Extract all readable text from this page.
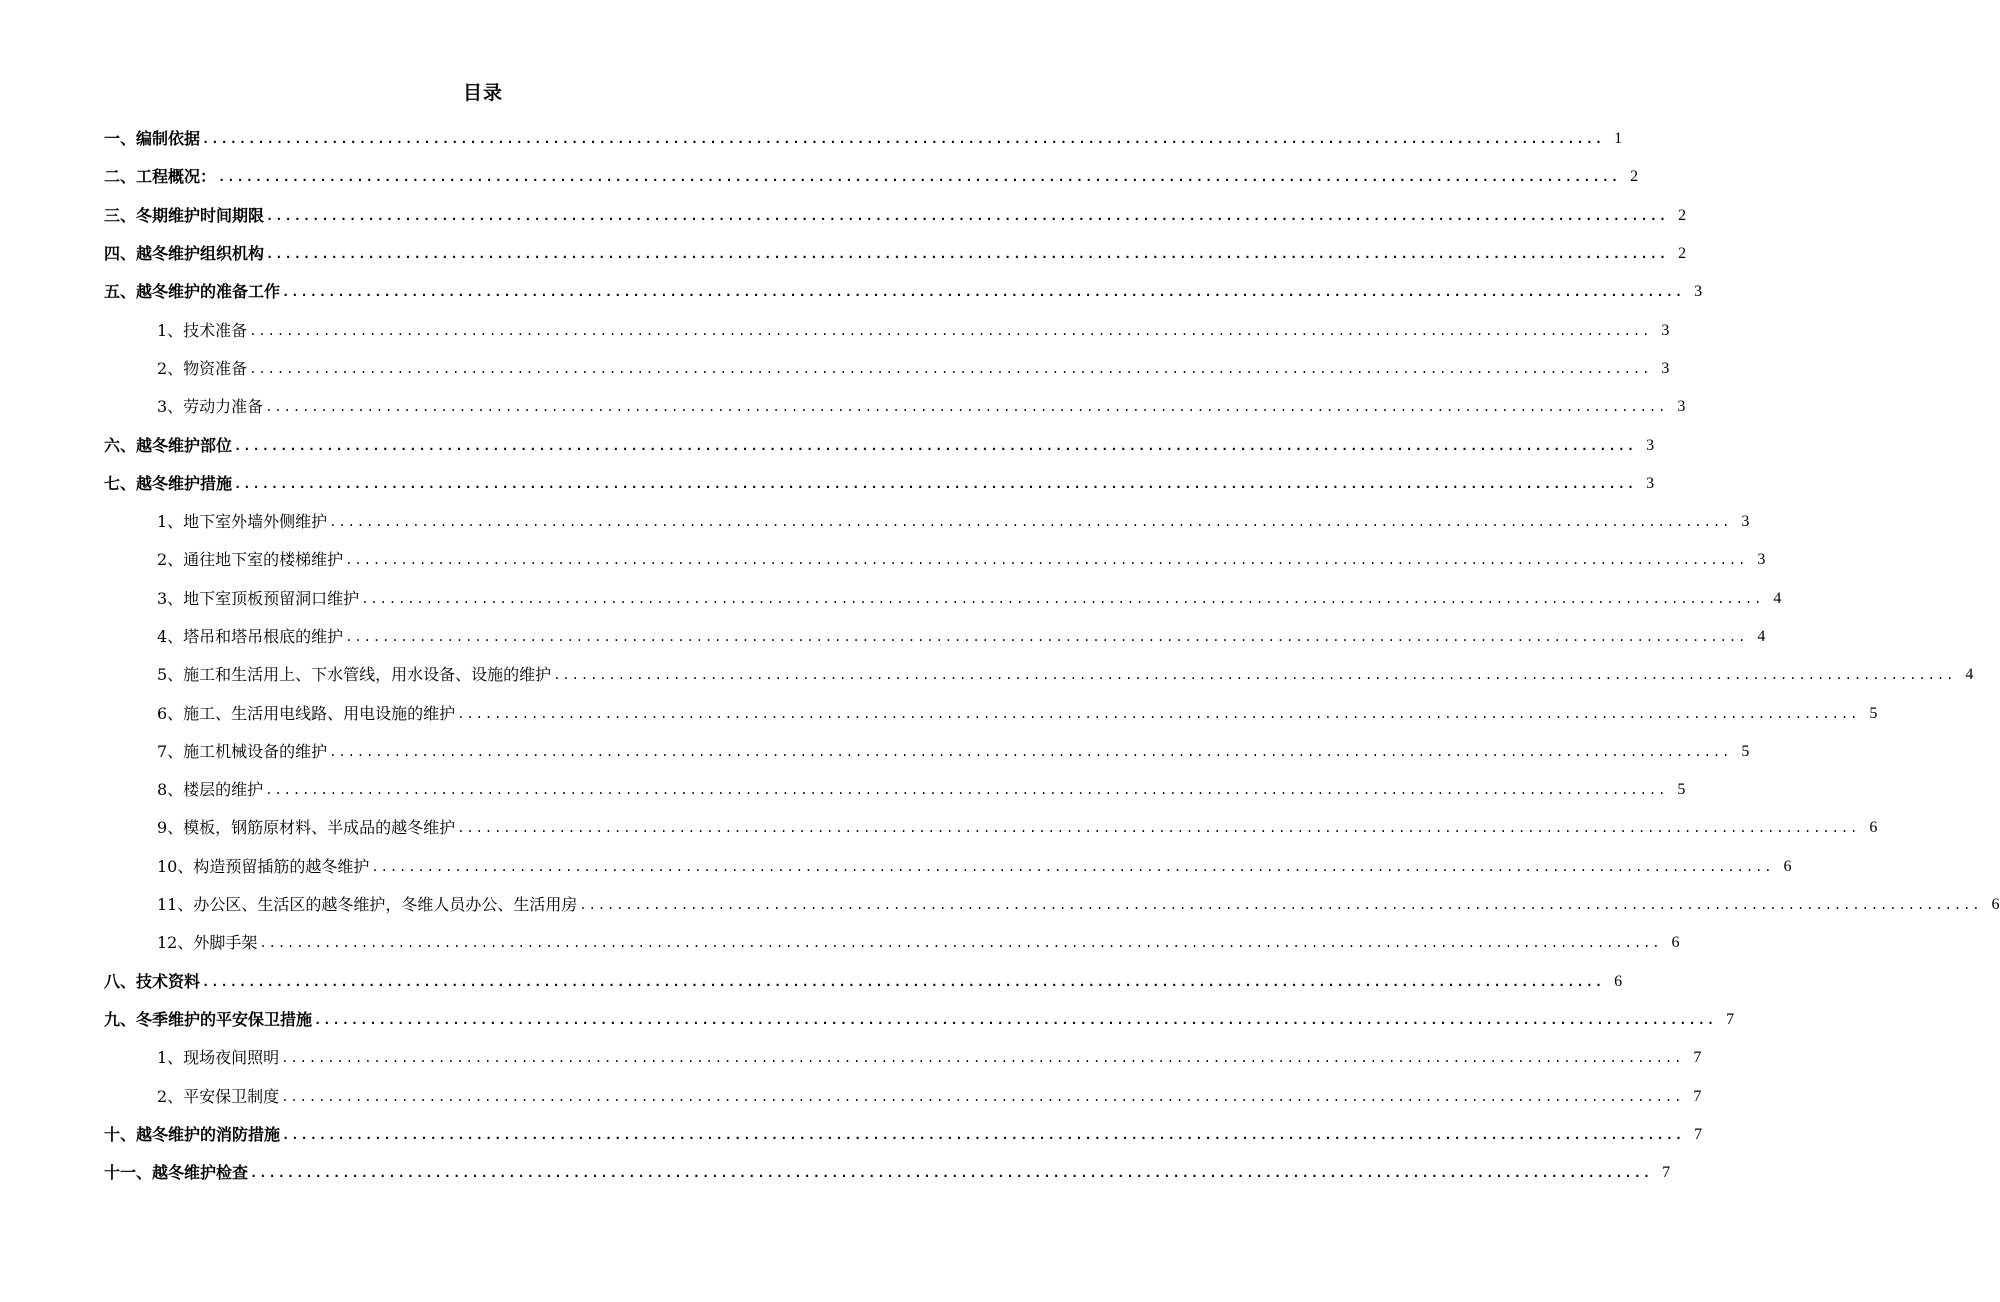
目录
一、编制依据 ........................................................................................................................................................ 1
二、工程概况： ........................................................................................................................................................ 2
三、冬期维护时间期限 ........................................................................................................................................................ 2
四、越冬维护组织机构 ........................................................................................................................................................ 2
五、越冬维护的准备工作 ........................................................................................................................................................ 3
1、技术准备 ........................................................................................................................................................ 3
2、物资准备 ........................................................................................................................................................ 3
3、劳动力准备 ........................................................................................................................................................ 3
六、越冬维护部位 ........................................................................................................................................................ 3
七、越冬维护措施 ........................................................................................................................................................ 3
1、地下室外墙外侧维护 ........................................................................................................................................................ 3
2、通往地下室的楼梯维护 ........................................................................................................................................................ 3
3、地下室顶板预留洞口维护 ........................................................................................................................................................ 4
4、塔吊和塔吊根底的维护 ........................................................................................................................................................ 4
5、施工和生活用上、下水管线，用水设备、设施的维护 ........................................................................................................................................................ 4
6、施工、生活用电线路、用电设施的维护 ........................................................................................................................................................ 5
7、施工机械设备的维护 ........................................................................................................................................................ 5
8、楼层的维护 ........................................................................................................................................................ 5
9、模板，钢筋原材料、半成品的越冬维护 ........................................................................................................................................................ 6
10、构造预留插筋的越冬维护 ........................................................................................................................................................ 6
11、办公区、生活区的越冬维护，冬维人员办公、生活用房 ........................................................................................................................................................ 6
12、外脚手架 ........................................................................................................................................................ 6
八、技术资料 ........................................................................................................................................................ 6
九、冬季维护的平安保卫措施 ........................................................................................................................................................ 7
1、现场夜间照明 ........................................................................................................................................................ 7
2、平安保卫制度 ........................................................................................................................................................ 7
十、越冬维护的消防措施 ........................................................................................................................................................ 7
十一、越冬维护检查 ........................................................................................................................................................ 7
